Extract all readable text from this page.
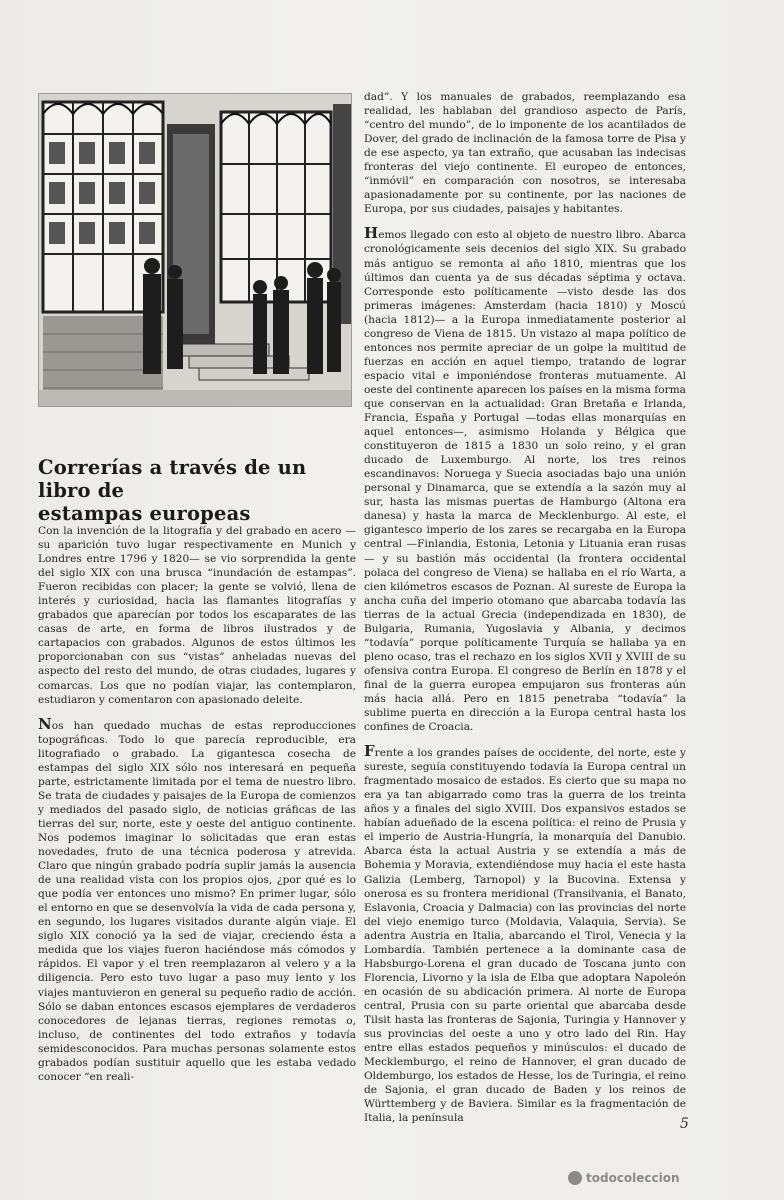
Correrías a través de un libro de
estampas europeas

Con la invención de la litografía y del grabado en acero —su aparición tuvo lugar respectivamente en Munich y Londres entre 1796 y 1820— se vio sorprendida la gente del siglo XIX con una brusca “inundación de estampas”. Fueron recibidas con placer; la gente se volvió, llena de interés y curiosidad, hacia las flamantes litografías y grabados que aparecían por todos los escaparates de las casas de arte, en forma de libros ilustrados y de cartapacios con grabados. Algunos de estos últimos les proporcionaban con sus “vistas” anheladas nuevas del aspecto del resto del mundo, de otras ciudades, lugares y comarcas. Los que no podían viajar, las contemplaron, estudiaron y comentaron con apasionado deleite.

Nos han quedado muchas de estas reproducciones topográficas. Todo lo que parecía reproducible, era litografiado o grabado. La gigantesca cosecha de estampas del siglo XIX sólo nos interesará en pequeña parte, estrictamente limitada por el tema de nuestro libro. Se trata de ciudades y paisajes de la Europa de comienzos y mediados del pasado siglo, de noticias gráficas de las tierras del sur, norte, este y oeste del antiguo continente. Nos podemos imaginar lo solicitadas que eran estas novedades, fruto de una técnica poderosa y atrevida. Claro que ningún grabado podría suplir jamás la ausencia de una realidad vista con los propios ojos, ¿por qué es lo que podía ver entonces uno mismo? En primer lugar, sólo el entorno en que se desenvolvía la vida de cada persona y, en segundo, los lugares visitados durante algún viaje. El siglo XIX conoció ya la sed de viajar, creciendo ésta a medida que los viajes fueron haciéndose más cómodos y rápidos. El vapor y el tren reemplazaron al velero y a la diligencia. Pero esto tuvo lugar a paso muy lento y los viajes mantuvieron en general su pequeño radio de acción. Sólo se daban entonces escasos ejemplares de verdaderos conocedores de lejanas tierras, regiones remotas o, incluso, de continentes del todo extraños y todavía semidesconocidos. Para muchas personas solamente estos grabados podían sustituir aquello que les estaba vedado conocer “en reali-

dad”. Y los manuales de grabados, reemplazando esa realidad, les hablaban del grandioso aspecto de París, “centro del mundo”, de lo imponente de los acantilados de Dover, del grado de inclinación de la famosa torre de Pisa y de ese aspecto, ya tan extraño, que acusaban las indecisas fronteras del viejo continente. El europeo de entonces, “inmóvil” en comparación con nosotros, se interesaba apasionadamente por su continente, por las naciones de Europa, por sus ciudades, paisajes y habitantes.

Hemos llegado con esto al objeto de nuestro libro. Abarca cronológicamente seis decenios del siglo XIX. Su grabado más antiguo se remonta al año 1810, mientras que los últimos dan cuenta ya de sus décadas séptima y octava. Corresponde esto políticamente —visto desde las dos primeras imágenes: Amsterdam (hacia 1810) y Moscú (hacia 1812)— a la Europa inmediatamente posterior al congreso de Viena de 1815. Un vistazo al mapa político de entonces nos permite apreciar de un golpe la multitud de fuerzas en acción en aquel tiempo, tratando de lograr espacio vital e imponiéndose fronteras mutuamente. Al oeste del continente aparecen los países en la misma forma que conservan en la actualidad: Gran Bretaña e Irlanda, Francia, España y Portugal —todas ellas monarquías en aquel entonces—, asimismo Holanda y Bélgica que constituyeron de 1815 a 1830 un solo reino, y el gran ducado de Luxemburgo. Al norte, los tres reinos escandinavos: Noruega y Suecia asociadas bajo una unión personal y Dinamarca, que se extendía a la sazón muy al sur, hasta las mismas puertas de Hamburgo (Altona era danesa) y hasta la marca de Mecklenburgo. Al este, el gigantesco imperio de los zares se recargaba en la Europa central —Finlandia, Estonia, Letonia y Lituania eran rusas— y su bastión más occidental (la frontera occidental polaca del congreso de Viena) se hallaba en el río Warta, a cien kilómetros escasos de Poznan. Al sureste de Europa la ancha cuña del imperio otomano que abarcaba todavía las tierras de la actual Grecia (independizada en 1830), de Bulgaria, Rumania, Yugoslavia y Albania, y decimos “todavía” porque políticamente Turquía se hallaba ya en pleno ocaso, tras el rechazo en los siglos XVII y XVIII de su ofensiva contra Europa. El congreso de Berlín en 1878 y el final de la guerra europea empujaron sus fronteras aún más hacia allá. Pero en 1815 penetraba “todavía” la sublime puerta en dirección a la Europa central hasta los confines de Croacia.

Frente a los grandes países de occidente, del norte, este y sureste, seguía constituyendo todavía la Europa central un fragmentado mosaico de estados. Es cierto que su mapa no era ya tan abigarrado como tras la guerra de los treinta años y a finales del siglo XVIII. Dos expansivos estados se habían adueñado de la escena política: el reino de Prusia y el imperio de Austria-Hungría, la monarquía del Danubio. Abarca ésta la actual Austria y se extendía a más de Bohemia y Moravia, extendiéndose muy hacia el este hasta Galizia (Lemberg, Tarnopol) y la Bucovina. Extensa y onerosa es su frontera meridional (Transilvania, el Banato, Eslavonia, Croacia y Dalmacia) con las provincias del norte del viejo enemigo turco (Moldavia, Valaquia, Servia). Se adentra Austria en Italia, abarcando el Tirol, Venecia y la Lombardía. También pertenece a la dominante casa de Habsburgo-Lorena el gran ducado de Toscana junto con Florencia, Livorno y la isla de Elba que adoptara Napoleón en ocasión de su abdicación primera. Al norte de Europa central, Prusia con su parte oriental que abarcaba desde Tilsit hasta las fronteras de Sajonia, Turingia y Hannover y sus provincias del oeste a uno y otro lado del Rin. Hay entre ellas estados pequeños y minúsculos: el ducado de Mecklemburgo, el reino de Hannover, el gran ducado de Oldemburgo, los estados de Hesse, los de Turingia, el reino de Sajonia, el gran ducado de Baden y los reinos de Württemberg y de Baviera. Similar es la fragmentación de Italia, la península	5
todocoleccion
